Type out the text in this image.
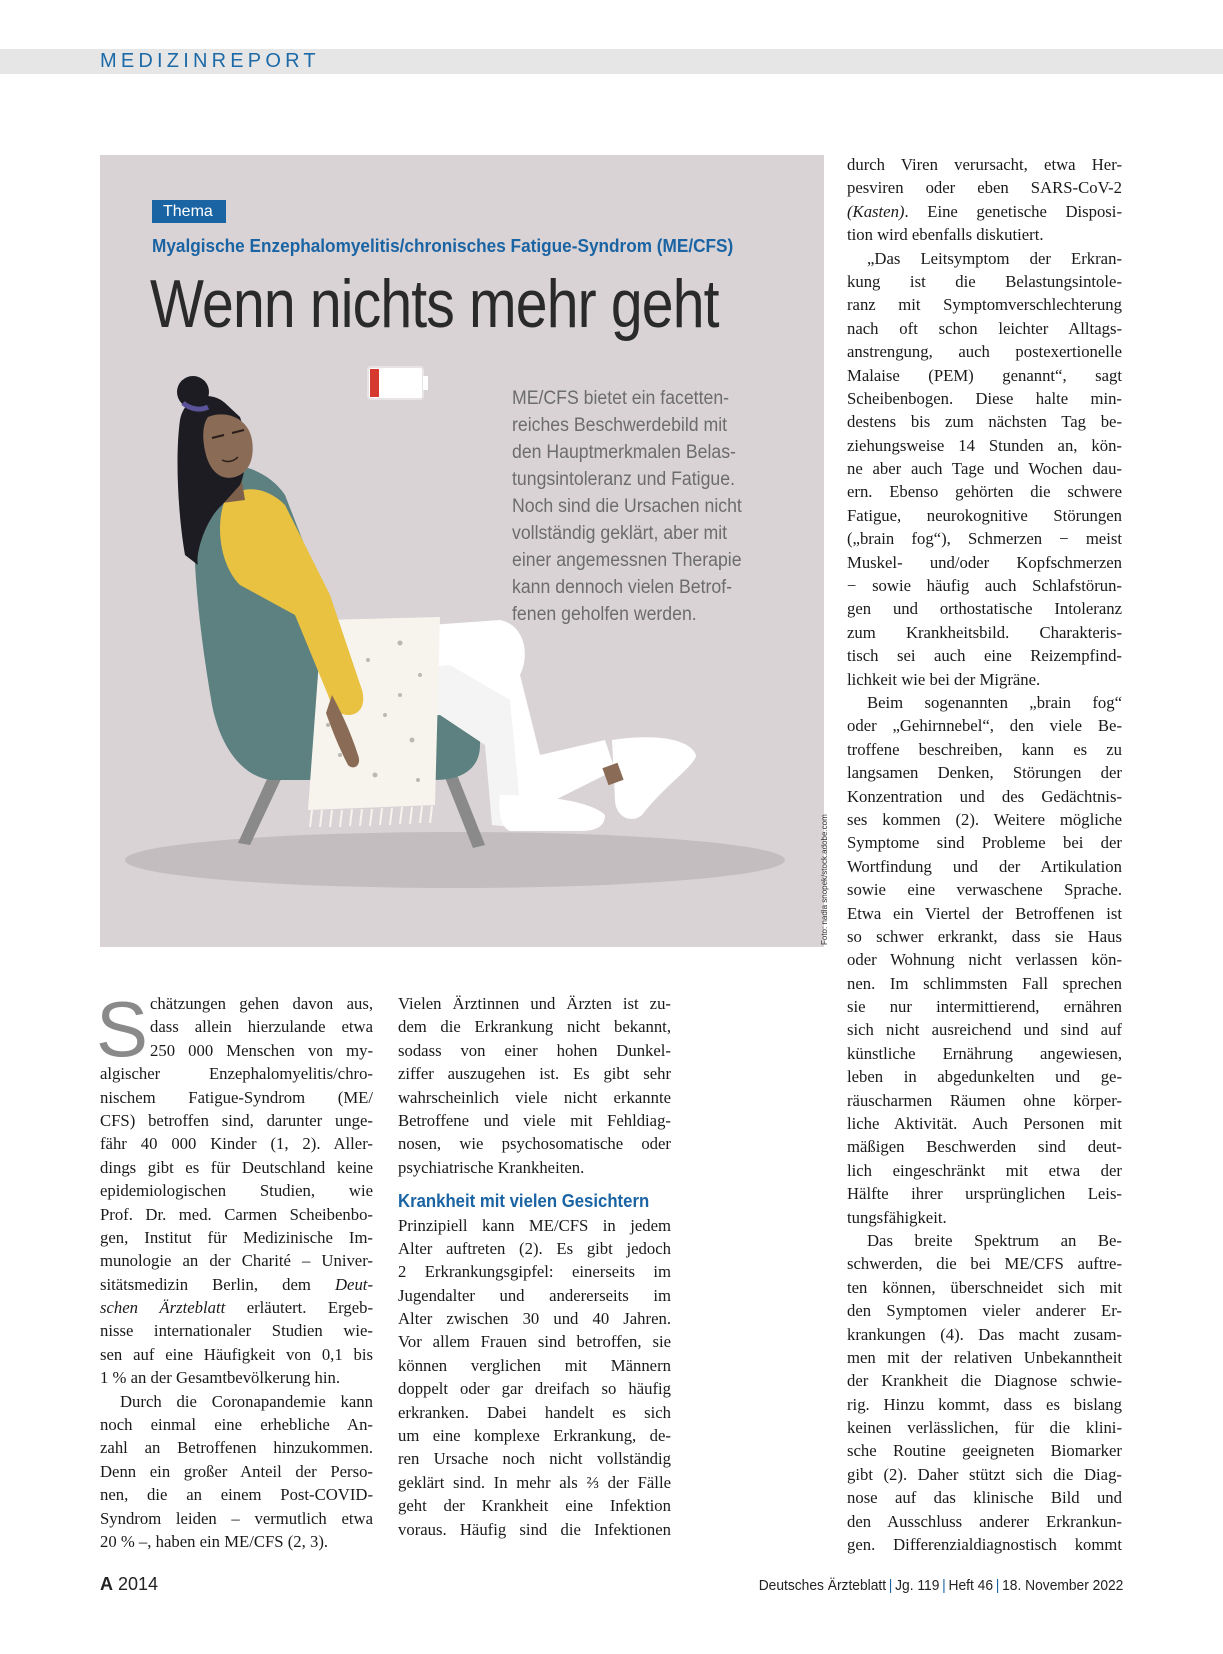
MEDIZINREPORT
Thema
Myalgische Enzephalomyelitis/chronisches Fatigue-Syndrom (ME/CFS)
Wenn nichts mehr geht
ME/CFS bietet ein facetten-
reiches Beschwerdebild mit
den Hauptmerkmalen Belas-
tungsintoleranz und Fatigue.
Noch sind die Ursachen nicht
vollständig geklärt, aber mit
einer angemessnen Therapie
kann dennoch vielen Betrof-
fenen geholfen werden.
Foto: nadia snopek/stock.adobe.com
S chätzungen gehen davon aus,
dass allein hierzulande etwa
250 000 Menschen von my-
algischer Enzephalomyelitis/chro-
nischem Fatigue-Syndrom (ME/
CFS) betroffen sind, darunter unge-
fähr 40 000 Kinder (1, 2). Aller-
dings gibt es für Deutschland keine
epidemiologischen Studien, wie
Prof. Dr. med. Carmen Scheibenbo-
gen, Institut für Medizinische Im-
munologie an der Charité – Univer-
sitätsmedizin Berlin, dem Deut-
schen Ärzteblatt erläutert. Ergeb-
nisse internationaler Studien wie-
sen auf eine Häufigkeit von 0,1 bis
1 % an der Gesamtbevölkerung hin.
Durch die Coronapandemie kann
noch einmal eine erhebliche An-
zahl an Betroffenen hinzukommen.
Denn ein großer Anteil der Perso-
nen, die an einem Post-COVID-
Syndrom leiden – vermutlich etwa
20 % –, haben ein ME/CFS (2, 3).
Vielen Ärztinnen und Ärzten ist zu-
dem die Erkrankung nicht bekannt,
sodass von einer hohen Dunkel-
ziffer auszugehen ist. Es gibt sehr
wahrscheinlich viele nicht erkannte
Betroffene und viele mit Fehldiag-
nosen, wie psychosomatische oder
psychiatrische Krankheiten.
Krankheit mit vielen Gesichtern
Prinzipiell kann ME/CFS in jedem
Alter auftreten (2). Es gibt jedoch
2 Erkrankungsgipfel: einerseits im
Jugendalter und andererseits im
Alter zwischen 30 und 40 Jahren.
Vor allem Frauen sind betroffen, sie
können verglichen mit Männern
doppelt oder gar dreifach so häufig
erkranken. Dabei handelt es sich
um eine komplexe Erkrankung, de-
ren Ursache noch nicht vollständig
geklärt sind. In mehr als ⅔ der Fälle
geht der Krankheit eine Infektion
voraus. Häufig sind die Infektionen
durch Viren verursacht, etwa Her-
pesviren oder eben SARS-CoV-2
(Kasten). Eine genetische Disposi-
tion wird ebenfalls diskutiert.
„Das Leitsymptom der Erkran-
kung ist die Belastungsintole-
ranz mit Symptomverschlechterung
nach oft schon leichter Alltags-
anstrengung, auch postexertionelle
Malaise (PEM) genannt“, sagt
Scheibenbogen. Diese halte min-
destens bis zum nächsten Tag be-
ziehungsweise 14 Stunden an, kön-
ne aber auch Tage und Wochen dau-
ern. Ebenso gehörten die schwere
Fatigue, neurokognitive Störungen
(„brain fog“), Schmerzen − meist
Muskel- und/oder Kopfschmerzen
− sowie häufig auch Schlafstörun-
gen und orthostatische Intoleranz
zum Krankheitsbild. Charakteris-
tisch sei auch eine Reizempfind-
lichkeit wie bei der Migräne.
Beim sogenannten „brain fog“
oder „Gehirnnebel“, den viele Be-
troffene beschreiben, kann es zu
langsamen Denken, Störungen der
Konzentration und des Gedächtnis-
ses kommen (2). Weitere mögliche
Symptome sind Probleme bei der
Wortfindung und der Artikulation
sowie eine verwaschene Sprache.
Etwa ein Viertel der Betroffenen ist
so schwer erkrankt, dass sie Haus
oder Wohnung nicht verlassen kön-
nen. Im schlimmsten Fall sprechen
sie nur intermittierend, ernähren
sich nicht ausreichend und sind auf
künstliche Ernährung angewiesen,
leben in abgedunkelten und ge-
räuscharmen Räumen ohne körper-
liche Aktivität. Auch Personen mit
mäßigen Beschwerden sind deut-
lich eingeschränkt mit etwa der
Hälfte ihrer ursprünglichen Leis-
tungsfähigkeit.
Das breite Spektrum an Be-
schwerden, die bei ME/CFS auftre-
ten können, überschneidet sich mit
den Symptomen vieler anderer Er-
krankungen (4). Das macht zusam-
men mit der relativen Unbekanntheit
der Krankheit die Diagnose schwie-
rig. Hinzu kommt, dass es bislang
keinen verlässlichen, für die klini-
sche Routine geeigneten Biomarker
gibt (2). Daher stützt sich die Diag-
nose auf das klinische Bild und
den Ausschluss anderer Erkrankun-
gen. Differenzialdiagnostisch kommt
A 2014	Deutsches Ärzteblatt | Jg. 119 | Heft 46 | 18. November 2022
